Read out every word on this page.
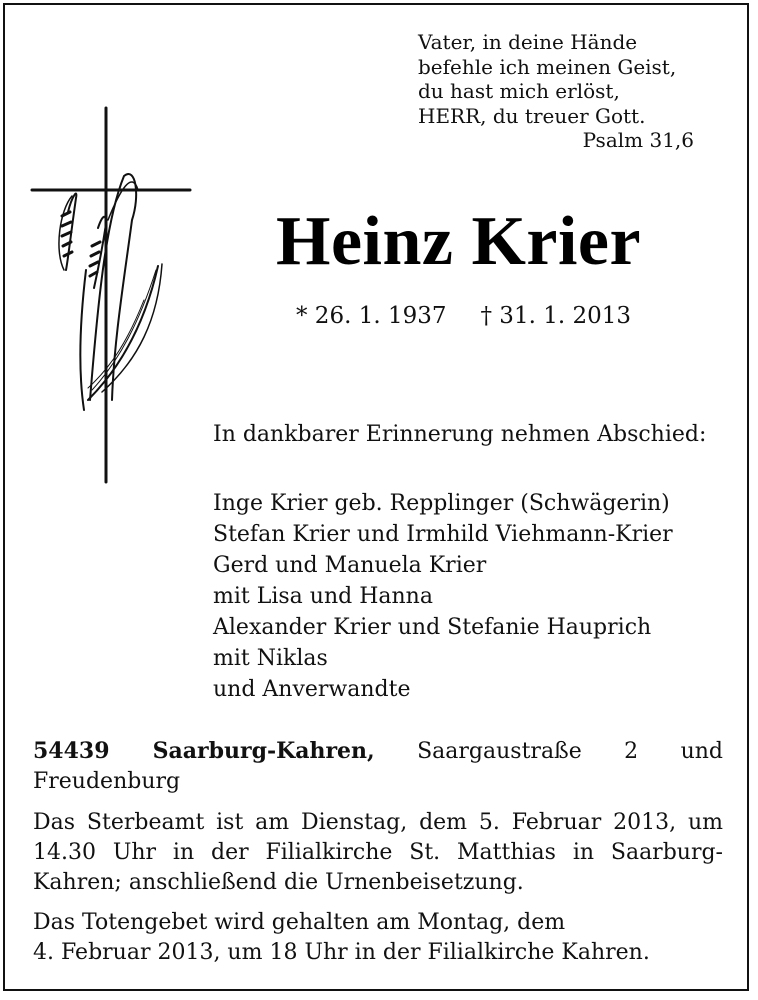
Vater, in deine Hände
befehle ich meinen Geist,
du hast mich erlöst,
HERR, du treuer Gott.
Psalm 31,6
Heinz Krier
* 26. 1. 1937 † 31. 1. 2013
In dankbarer Erinnerung nehmen Abschied:
Inge Krier geb. Repplinger (Schwägerin)
Stefan Krier und Irmhild Viehmann-Krier
Gerd und Manuela Krier
mit Lisa und Hanna
Alexander Krier und Stefanie Hauprich
mit Niklas
und Anverwandte
54439 Saarburg-Kahren, Saargaustraße 2 und Freudenburg
Das Sterbeamt ist am Dienstag, dem 5. Februar 2013, um 14.30 Uhr in der Filialkirche St. Matthias in Saarburg-Kahren; anschließend die Urnenbeisetzung.
Das Totengebet wird gehalten am Montag, dem
4. Februar 2013, um 18 Uhr in der Filialkirche Kahren.
